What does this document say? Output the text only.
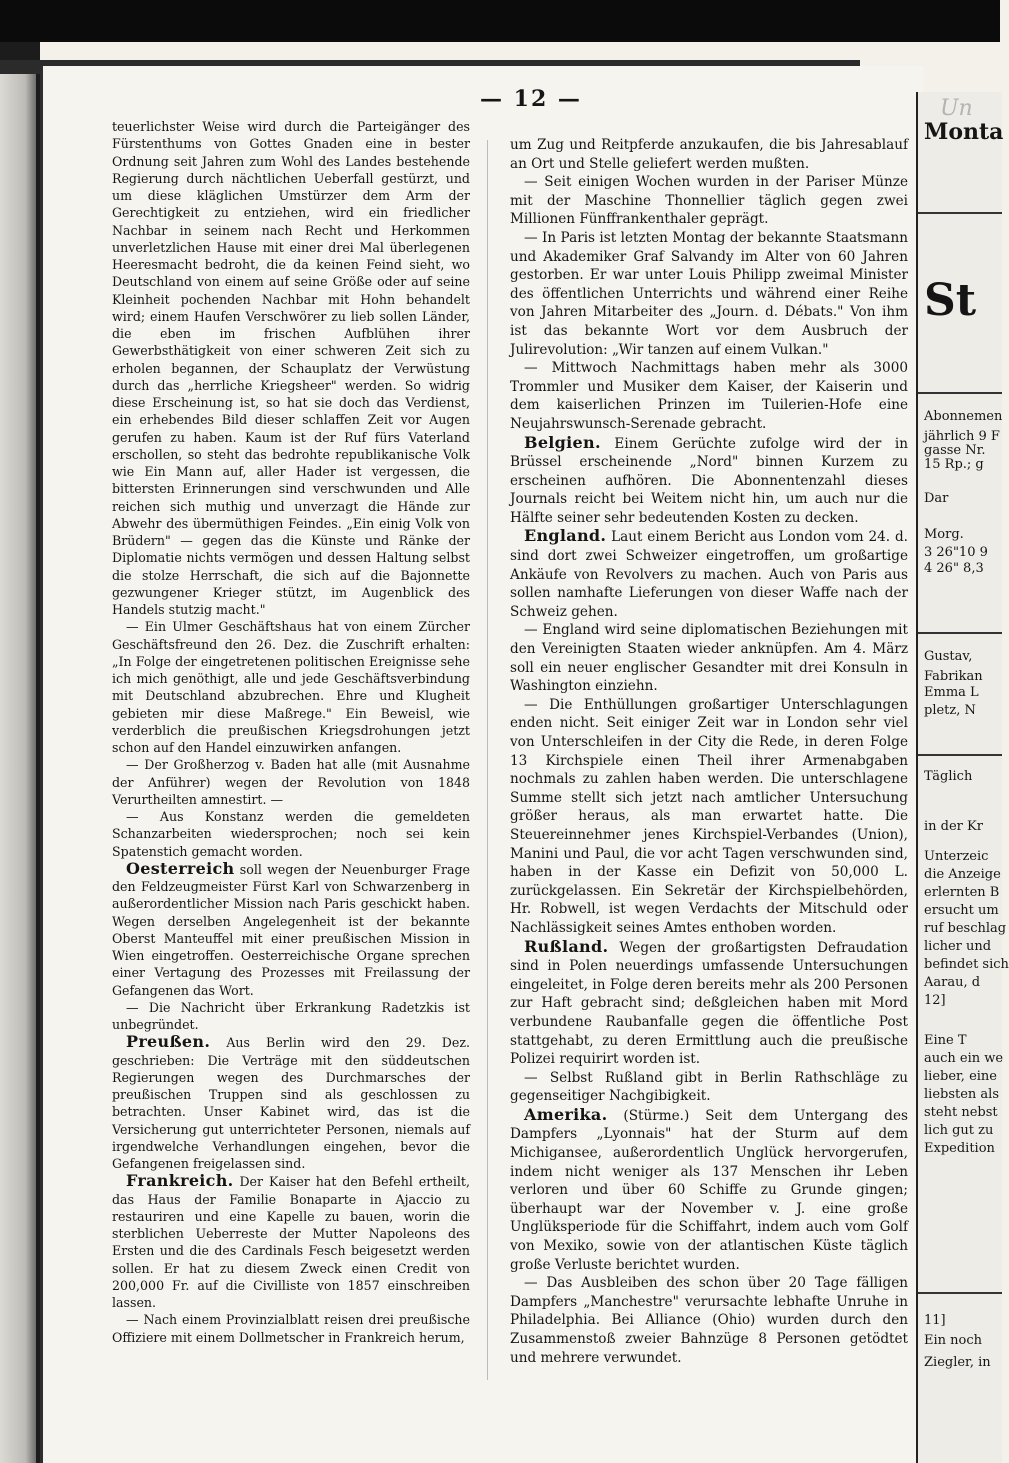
— 12 —

teuerlichster Weise wird durch die Parteigänger des Fürstenthums von Gottes Gnaden eine in bester Ordnung seit Jahren zum Wohl des Landes bestehende Regierung durch nächtlichen Ueberfall gestürzt, und um diese kläglichen Umstürzer dem Arm der Gerechtigkeit zu entziehen, wird ein friedlicher Nachbar in seinem nach Recht und Herkommen unverletzlichen Hause mit einer drei Mal überlegenen Heeresmacht bedroht, die da keinen Feind sieht, wo Deutschland von einem auf seine Größe oder auf seine Kleinheit pochenden Nachbar mit Hohn behandelt wird; einem Haufen Verschwörer zu lieb sollen Länder, die eben im frischen Aufblühen ihrer Gewerbsthätigkeit von einer schweren Zeit sich zu erholen begannen, der Schauplatz der Verwüstung durch das „herrliche Kriegsheer" werden. So widrig diese Erscheinung ist, so hat sie doch das Verdienst, ein erhebendes Bild dieser schlaffen Zeit vor Augen gerufen zu haben. Kaum ist der Ruf fürs Vaterland erschollen, so steht das bedrohte republikanische Volk wie Ein Mann auf, aller Hader ist vergessen, die bittersten Erinnerungen sind verschwunden und Alle reichen sich muthig und unverzagt die Hände zur Abwehr des übermüthigen Feindes. „Ein einig Volk von Brüdern" — gegen das die Künste und Ränke der Diplomatie nichts vermögen und dessen Haltung selbst die stolze Herrschaft, die sich auf die Bajonnette gezwungener Krieger stützt, im Augenblick des Handels stutzig macht."

— Ein Ulmer Geschäftshaus hat von einem Zürcher Geschäftsfreund den 26. Dez. die Zuschrift erhalten: „In Folge der eingetretenen politischen Ereignisse sehe ich mich genöthigt, alle und jede Geschäftsverbindung mit Deutschland abzubrechen. Ehre und Klugheit gebieten mir diese Maßrege." Ein Beweisl, wie verderblich die preußischen Kriegsdrohungen jetzt schon auf den Handel einzuwirken anfangen.

— Der Großherzog v. Baden hat alle (mit Ausnahme der Anführer) wegen der Revolution von 1848 Verurtheilten amnestirt. —

— Aus Konstanz werden die gemeldeten Schanzarbeiten wiedersprochen; noch sei kein Spatenstich gemacht worden.

Oesterreich soll wegen der Neuenburger Frage den Feldzeugmeister Fürst Karl von Schwarzenberg in außerordentlicher Mission nach Paris geschickt haben. Wegen derselben Angelegenheit ist der bekannte Oberst Manteuffel mit einer preußischen Mission in Wien eingetroffen. Oesterreichische Organe sprechen einer Vertagung des Prozesses mit Freilassung der Gefangenen das Wort.

— Die Nachricht über Erkrankung Radetzkis ist unbegründet.

Preußen. Aus Berlin wird den 29. Dez. geschrieben: Die Verträge mit den süddeutschen Regierungen wegen des Durchmarsches der preußischen Truppen sind als geschlossen zu betrachten. Unser Kabinet wird, das ist die Versicherung gut unterrichteter Personen, niemals auf irgendwelche Verhandlungen eingehen, bevor die Gefangenen freigelassen sind.

Frankreich. Der Kaiser hat den Befehl ertheilt, das Haus der Familie Bonaparte in Ajaccio zu restauriren und eine Kapelle zu bauen, worin die sterblichen Ueberreste der Mutter Napoleons des Ersten und die des Cardinals Fesch beigesetzt werden sollen. Er hat zu diesem Zweck einen Credit von 200,000 Fr. auf die Civilliste von 1857 einschreiben lassen.

— Nach einem Provinzialblatt reisen drei preußische Offiziere mit einem Dollmetscher in Frankreich herum,

um Zug und Reitpferde anzukaufen, die bis Jahresablauf an Ort und Stelle geliefert werden mußten.

— Seit einigen Wochen wurden in der Pariser Münze mit der Maschine Thonnellier täglich gegen zwei Millionen Fünffrankenthaler geprägt.

— In Paris ist letzten Montag der bekannte Staatsmann und Akademiker Graf Salvandy im Alter von 60 Jahren gestorben. Er war unter Louis Philipp zweimal Minister des öffentlichen Unterrichts und während einer Reihe von Jahren Mitarbeiter des „Journ. d. Débats." Von ihm ist das bekannte Wort vor dem Ausbruch der Julirevolution: „Wir tanzen auf einem Vulkan."

— Mittwoch Nachmittags haben mehr als 3000 Trommler und Musiker dem Kaiser, der Kaiserin und dem kaiserlichen Prinzen im Tuilerien-Hofe eine Neujahrswunsch-Serenade gebracht.

Belgien. Einem Gerüchte zufolge wird der in Brüssel erscheinende „Nord" binnen Kurzem zu erscheinen aufhören. Die Abonnentenzahl dieses Journals reicht bei Weitem nicht hin, um auch nur die Hälfte seiner sehr bedeutenden Kosten zu decken.

England. Laut einem Bericht aus London vom 24. d. sind dort zwei Schweizer eingetroffen, um großartige Ankäufe von Revolvers zu machen. Auch von Paris aus sollen namhafte Lieferungen von dieser Waffe nach der Schweiz gehen.

— England wird seine diplomatischen Beziehungen mit den Vereinigten Staaten wieder anknüpfen. Am 4. März soll ein neuer englischer Gesandter mit drei Konsuln in Washington einziehn.

— Die Enthüllungen großartiger Unterschlagungen enden nicht. Seit einiger Zeit war in London sehr viel von Unterschleifen in der City die Rede, in deren Folge 13 Kirchspiele einen Theil ihrer Armenabgaben nochmals zu zahlen haben werden. Die unterschlagene Summe stellt sich jetzt nach amtlicher Untersuchung größer heraus, als man erwartet hatte. Die Steuereinnehmer jenes Kirchspiel-Verbandes (Union), Manini und Paul, die vor acht Tagen verschwunden sind, haben in der Kasse ein Defizit von 50,000 L. zurückgelassen. Ein Sekretär der Kirchspielbehörden, Hr. Robwell, ist wegen Verdachts der Mitschuld oder Nachlässigkeit seines Amtes enthoben worden.

Rußland. Wegen der großartigsten Defraudation sind in Polen neuerdings umfassende Untersuchungen eingeleitet, in Folge deren bereits mehr als 200 Personen zur Haft gebracht sind; deßgleichen haben mit Mord verbundene Raubanfalle gegen die öffentliche Post stattgehabt, zu deren Ermittlung auch die preußische Polizei requirirt worden ist.

— Selbst Rußland gibt in Berlin Rathschläge zu gegenseitiger Nachgibigkeit.

Amerika. (Stürme.) Seit dem Untergang des Dampfers „Lyonnais" hat der Sturm auf dem Michigansee, außerordentlich Unglück hervorgerufen, indem nicht weniger als 137 Menschen ihr Leben verloren und über 60 Schiffe zu Grunde gingen; überhaupt war der November v. J. eine große Unglüksperiode für die Schiffahrt, indem auch vom Golf von Mexiko, sowie von der atlantischen Küste täglich große Verluste berichtet wurden.

— Das Ausbleiben des schon über 20 Tage fälligen Dampfers „Manchestre" verursachte lebhafte Unruhe in Philadelphia. Bei Alliance (Ohio) wurden durch den Zusammenstoß zweier Bahnzüge 8 Personen getödtet und mehrere verwundet.

Monta
St
Abonnemen
jährlich 9 F
gasse Nr.
15 Rp.; g
Dar
Morg.
3 26"10 9
4 26" 8,3
Gustav,
Fabrikan
Emma L
pletz, N
Täglich
in der Kr
Unterzeic
die Anzeige
erlernten B
ersucht um
ruf beschlag
licher und
befindet sich
Aarau, d
12]
Eine T
auch ein we
lieber, eine
liebsten als
steht nebst
lich gut zu
Expedition
11]
Ein noch
Ziegler, in
Un
